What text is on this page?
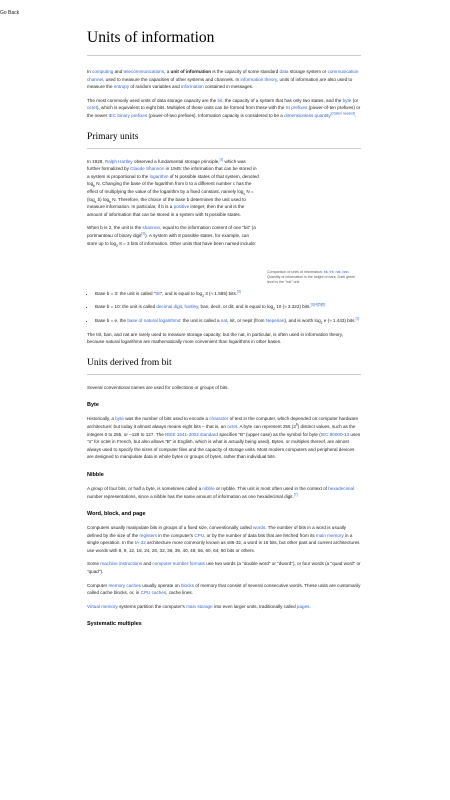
Go Back
Units of information

In computing and telecommunications, a unit of information is the capacity of some standard data storage system or communication channel, used to measure the capacities of other systems and channels. In information theory, units of information are also used to measure the entropy of random variables and information contained in messages.

The most commonly used units of data storage capacity are the bit, the capacity of a system that has only two states, and the byte (or octet), which is equivalent to eight bits. Multiples of these units can be formed from these with the SI prefixes (power-of-ten prefixes) or the newer IEC binary prefixes (power-of-two prefixes). Information capacity is considered to be a dimensionless quantity[citation needed].

Primary units
Comparison of units of information: bit, trit, nat, ban. Quantity of information is the height of bars. Dark green level is the "nat" unit.

In 1928, Ralph Hartley observed a fundamental storage principle,[1] which was further formalized by Claude Shannon in 1945: the information that can be stored in a system is proportional to the logarithm of N possible states of that system, denoted $\log_b N$. Changing the base of the logarithm from b to a different number c has the effect of multiplying the value of the logarithm by a fixed constant, namely $\log_c N = (\log_c$ b) $\log_b N$. Therefore, the choice of the base b determines the unit used to measure information. In particular, if b is a positive integer, then the unit is the amount of information that can be stored in a system with N possible states.

When b is 2, the unit is the shannon, equal to the information content of one "bit" (a portmanteau of binary digit[2]). A system with 8 possible states, for example, can store up to $\log_2 8 = 3$ bits of information. Other units that have been named include:

• Base b = 3: the unit is called "trit", and is equal to $\log_2 3$ (≈ 1.585) bits.[3]
• Base b = 10: the unit is called decimal digit, hartley, ban, decit, or dit; and is equal to $\log_2 10$ (≈ 3.322) bits.[1][4][5][6]
• Base b = e, the base of natural logarithms: the unit is called a nat, nit, or nepit (from Neperian), and is worth $\log_2 e$ (≈ 1.443) bits.[1]

The trit, ban, and nat are rarely used to measure storage capacity; but the nat, in particular, is often used in information theory, because natural logarithms are mathematically more convenient than logarithms in other bases.

Units derived from bit

Several conventional names are used for collections or groups of bits.

Byte

Historically, a byte was the number of bits used to encode a character of text in the computer, which depended on computer hardware architecture; but today it almost always means eight bits – that is, an octet. A byte can represent 256 $(2^8)$ distinct values, such as the integers 0 to 255, or –128 to 127. The IEEE 1541-2002 standard specifies "B" (upper case) as the symbol for byte (IEC 80000-13 uses "o" for octet in French, but also allows "B" in English, which is what is actually being used). Bytes, or multiples thereof, are almost always used to specify the sizes of computer files and the capacity of storage units. Most modern computers and peripheral devices are designed to manipulate data in whole bytes or groups of bytes, rather than individual bits.

Nibble

A group of four bits, or half a byte, is sometimes called a nibble or nybble. This unit is most often used in the context of hexadecimal number representations, since a nibble has the same amount of information as one hexadecimal digit.[7]

Word, block, and page

Computers usually manipulate bits in groups of a fixed size, conventionally called words. The number of bits in a word is usually defined by the size of the registers in the computer's CPU, or by the number of data bits that are fetched from its main memory in a single operation. In the IA-32 architecture more commonly known as x86-32, a word is 16 bits, but other past and current architectures use words with 8, 9, 12, 18, 24, 26, 32, 36, 39, 40, 48, 56, 60, 64, 80 bits or others.

Some machine instructions and computer number formats use two words (a "double word" or "dword"), or four words (a "quad word" or "quad").

Computer memory caches usually operate on blocks of memory that consist of several consecutive words. These units are customarily called cache blocks, or, in CPU caches, cache lines.

Virtual memory systems partition the computer's main storage into even larger units, traditionally called pages.

Systematic multiples
